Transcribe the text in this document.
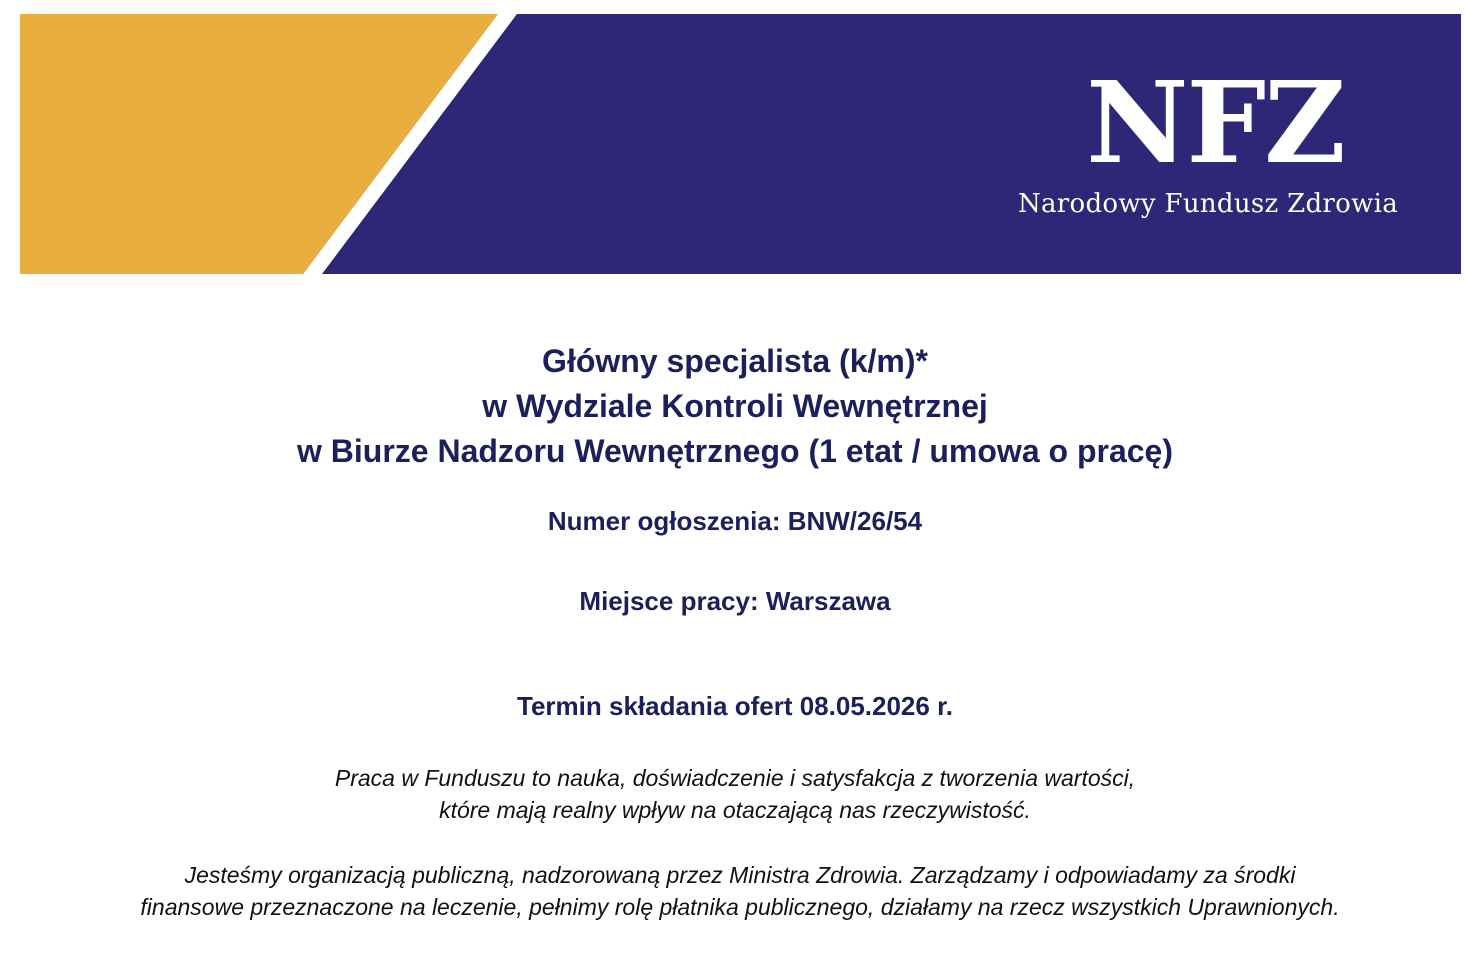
NFZ
Narodowy Fundusz Zdrowia
Główny specjalista (k/m)*
w Wydziale Kontroli Wewnętrznej
w Biurze Nadzoru Wewnętrznego (1 etat / umowa o pracę)
Numer ogłoszenia: BNW/26/54
Miejsce pracy: Warszawa
Termin składania ofert 08.05.2026 r.
Praca w Funduszu to nauka, doświadczenie i satysfakcja z tworzenia wartości,
które mają realny wpływ na otaczającą nas rzeczywistość.
Jesteśmy organizacją publiczną, nadzorowaną przez Ministra Zdrowia. Zarządzamy i odpowiadamy za środki finansowe przeznaczone na leczenie, pełnimy rolę płatnika publicznego, działamy na rzecz wszystkich Uprawnionych.
